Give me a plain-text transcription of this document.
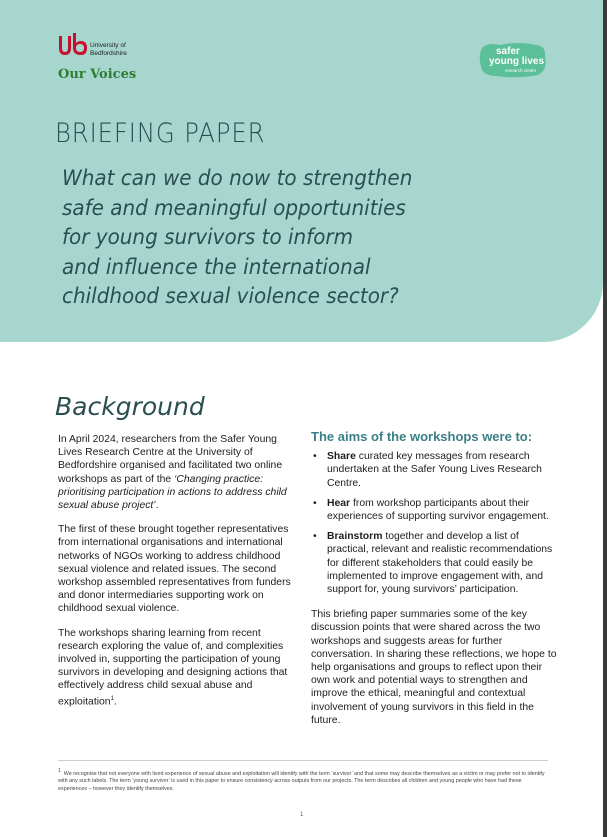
University of
Bedfordshire
Our Voices
safer
young lives
research centre
BRIEFING PAPER
What can we do now to strengthen
safe and meaningful opportunities
for young survivors to inform
and influence the international
childhood sexual violence sector?
Background

In April 2024, researchers from the Safer Young Lives Research Centre at the University of Bedfordshire organised and facilitated two online workshops as part of the ‘Changing practice: prioritising participation in actions to address child sexual abuse project’.

The first of these brought together representatives from international organisations and international networks of NGOs working to address childhood sexual violence and related issues. The second workshop assembled representatives from funders and donor intermediaries supporting work on childhood sexual violence.

The workshops sharing learning from recent research exploring the value of, and complexities involved in, supporting the participation of young survivors in developing and designing actions that effectively address child sexual abuse and exploitation$^1$.

The aims of the workshops were to:
• Share curated key messages from research undertaken at the Safer Young Lives Research Centre.
• Hear from workshop participants about their experiences of supporting survivor engagement.
• Brainstorm together and develop a list of practical, relevant and realistic recommendations for different stakeholders that could easily be implemented to improve engagement with, and support for, young survivors’ participation.

This briefing paper summaries some of the key discussion points that were shared across the two workshops and suggests areas for further conversation. In sharing these reflections, we hope to help organisations and groups to reflect upon their own work and potential ways to strengthen and improve the ethical, meaningful and contextual involvement of young survivors in this field in the future.

$^1$ We recognise that not everyone with lived experience of sexual abuse and exploitation will identify with the term ‘survivor’ and that some may describe themselves as a victim or may prefer not to identify with any such labels. The term ‘young survivor’ is used in this paper to ensure consistency across outputs from our projects. The term describes all children and young people who have had these experiences – however they identify themselves.
1
